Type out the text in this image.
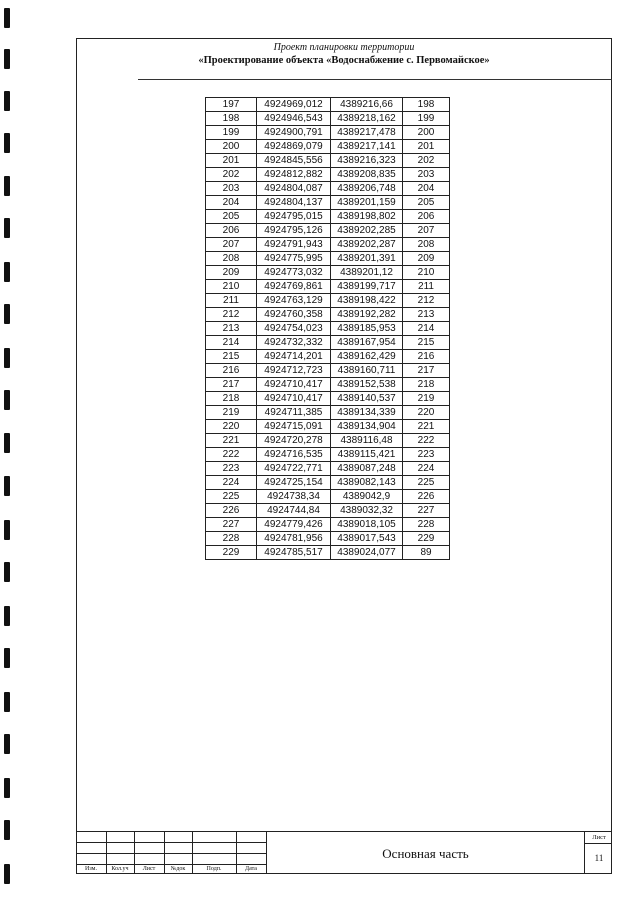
Проект планировки территории
«Проектирование объекта «Водоснабжение с. Первомайское»
197	4924969,012	4389216,66	198
198	4924946,543	4389218,162	199
199	4924900,791	4389217,478	200
200	4924869,079	4389217,141	201
201	4924845,556	4389216,323	202
202	4924812,882	4389208,835	203
203	4924804,087	4389206,748	204
204	4924804,137	4389201,159	205
205	4924795,015	4389198,802	206
206	4924795,126	4389202,285	207
207	4924791,943	4389202,287	208
208	4924775,995	4389201,391	209
209	4924773,032	4389201,12	210
210	4924769,861	4389199,717	211
211	4924763,129	4389198,422	212
212	4924760,358	4389192,282	213
213	4924754,023	4389185,953	214
214	4924732,332	4389167,954	215
215	4924714,201	4389162,429	216
216	4924712,723	4389160,711	217
217	4924710,417	4389152,538	218
218	4924710,417	4389140,537	219
219	4924711,385	4389134,339	220
220	4924715,091	4389134,904	221
221	4924720,278	4389116,48	222
222	4924716,535	4389115,421	223
223	4924722,771	4389087,248	224
224	4924725,154	4389082,143	225
225	4924738,34	4389042,9	226
226	4924744,84	4389032,32	227
227	4924779,426	4389018,105	228
228	4924781,956	4389017,543	229
229	4924785,517	4389024,077	89
Изм.	Кол.уч	Лист	№док	Подп.	Дата
Основная часть
Лист
11
